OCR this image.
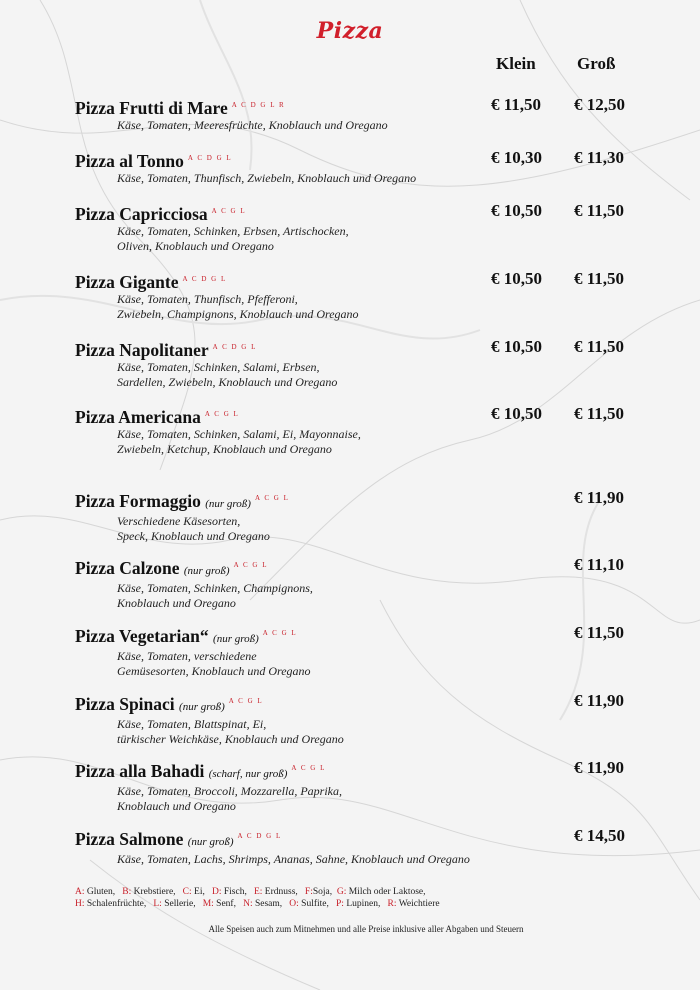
Pizza
Klein Groß
Pizza Frutti di Mare $^{A C D G L R}$
Käse, Tomaten, Meeresfrüchte, Knoblauch und Oregano
€ 11,50 € 12,50
Pizza al Tonno $^{A C D G L}$
Käse, Tomaten, Thunfisch, Zwiebeln, Knoblauch und Oregano
€ 10,30 € 11,30
Pizza Capricciosa $^{A C G L}$
Käse, Tomaten, Schinken, Erbsen, Artischocken,
Oliven, Knoblauch und Oregano
€ 10,50 € 11,50
Pizza Gigante $^{A C D G L}$
Käse, Tomaten, Thunfisch, Pfefferoni,
Zwiebeln, Champignons, Knoblauch und Oregano
€ 10,50 € 11,50
Pizza Napolitaner $^{A C D G L}$
Käse, Tomaten, Schinken, Salami, Erbsen,
Sardellen, Zwiebeln, Knoblauch und Oregano
€ 10,50 € 11,50
Pizza Americana $^{A C G L}$
Käse, Tomaten, Schinken, Salami, Ei, Mayonnaise,
Zwiebeln, Ketchup, Knoblauch und Oregano
€ 10,50 € 11,50
Pizza Formaggio (nur groß) $^{A C G L}$
Verschiedene Käsesorten,
Speck, Knoblauch und Oregano
€ 11,90
Pizza Calzone (nur groß) $^{A C G L}$
Käse, Tomaten, Schinken, Champignons,
Knoblauch und Oregano
€ 11,10
Pizza Vegetarian“ (nur groß) $^{A C G L}$
Käse, Tomaten, verschiedene
Gemüsesorten, Knoblauch und Oregano
€ 11,50
Pizza Spinaci (nur groß) $^{A C G L}$
Käse, Tomaten, Blattspinat, Ei,
türkischer Weichkäse, Knoblauch und Oregano
€ 11,90
Pizza alla Bahadi (scharf, nur groß) $^{A C G L}$
Käse, Tomaten, Broccoli, Mozzarella, Paprika,
Knoblauch und Oregano
€ 11,90
Pizza Salmone (nur groß) $^{A C D G L}$
Käse, Tomaten, Lachs, Shrimps, Ananas, Sahne, Knoblauch und Oregano
€ 14,50
A: Gluten, B: Krebstiere, C: Ei, D: Fisch, E: Erdnuss, F:Soja, G: Milch oder Laktose,
H: Schalenfrüchte, L: Sellerie, M: Senf, N: Sesam, O: Sulfite, P: Lupinen, R: Weichtiere
Alle Speisen auch zum Mitnehmen und alle Preise inklusive aller Abgaben und Steuern
